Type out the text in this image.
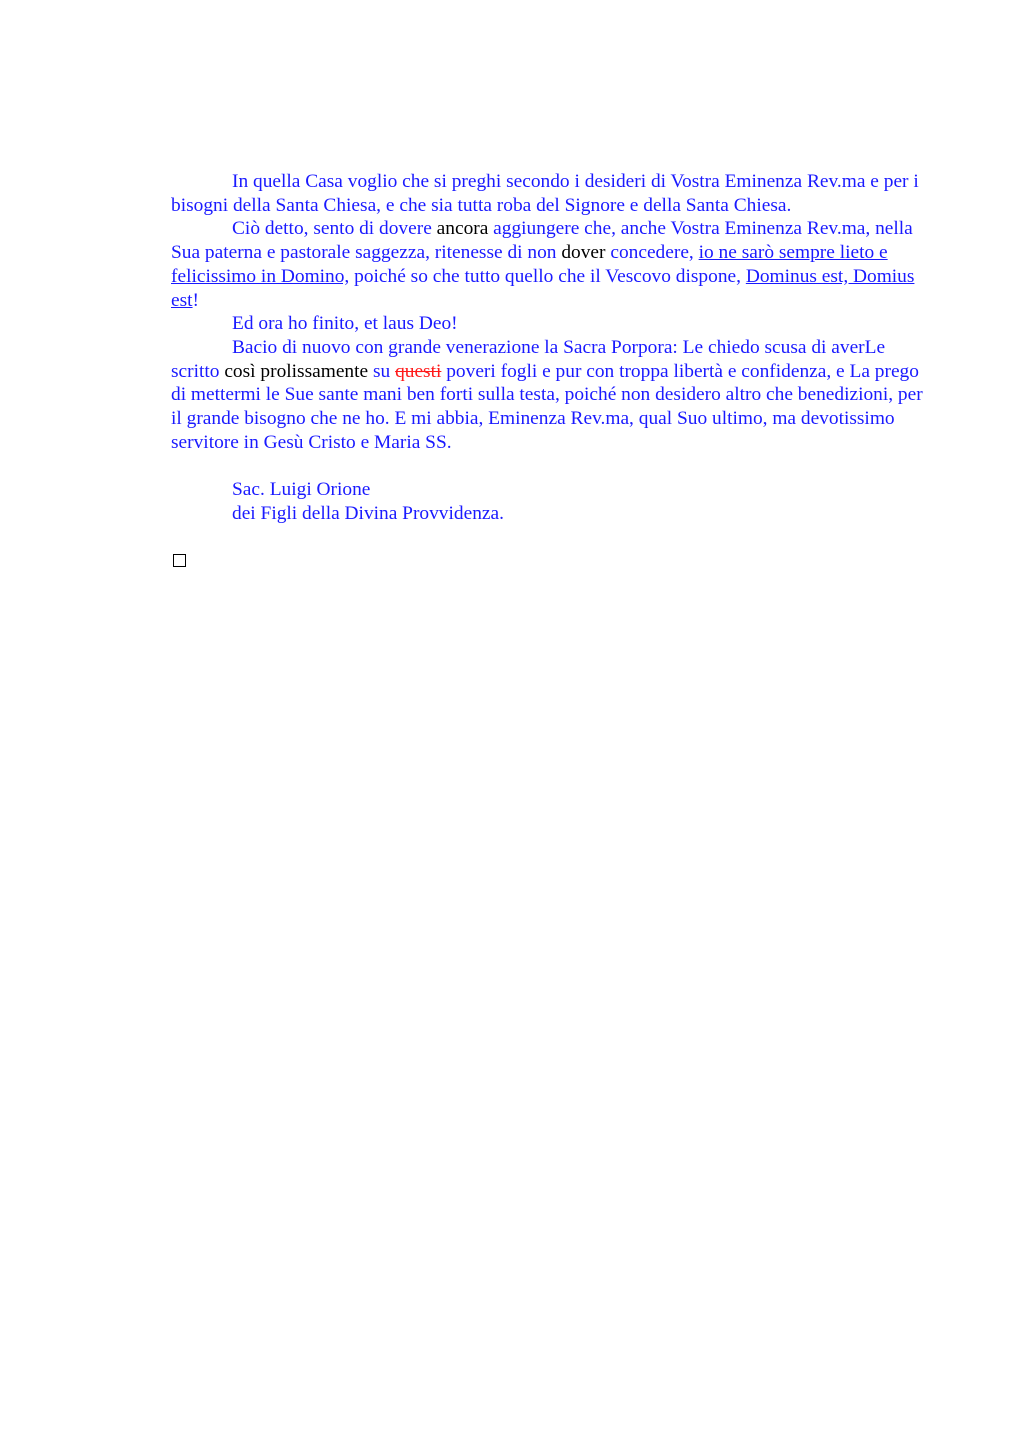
In quella Casa voglio che si preghi secondo i desideri di Vostra Eminenza Rev.ma e per i bisogni della Santa Chiesa, e che sia tutta roba del Signore e della Santa Chiesa.

Ciò detto, sento di dovere ancora aggiungere che, anche Vostra Eminenza Rev.ma, nella Sua paterna e pastorale saggezza, ritenesse di non dover concedere, io ne sarò sempre lieto e felicissimo in Domino, poiché so che tutto quello che il Vescovo dispone, Dominus est, Domius est!

Ed ora ho finito, et laus Deo!

Bacio di nuovo con grande venerazione la Sacra Porpora: Le chiedo scusa di averLe scritto così prolissamente su questi poveri fogli e pur con troppa libertà e confidenza, e La prego di mettermi le Sue sante mani ben forti sulla testa, poiché non desidero altro che benedizioni, per il grande bisogno che ne ho. E mi abbia, Eminenza Rev.ma, qual Suo ultimo, ma devotissimo servitore in Gesù Cristo e Maria SS.

Sac. Luigi Orione

dei Figli della Divina Provvidenza.
